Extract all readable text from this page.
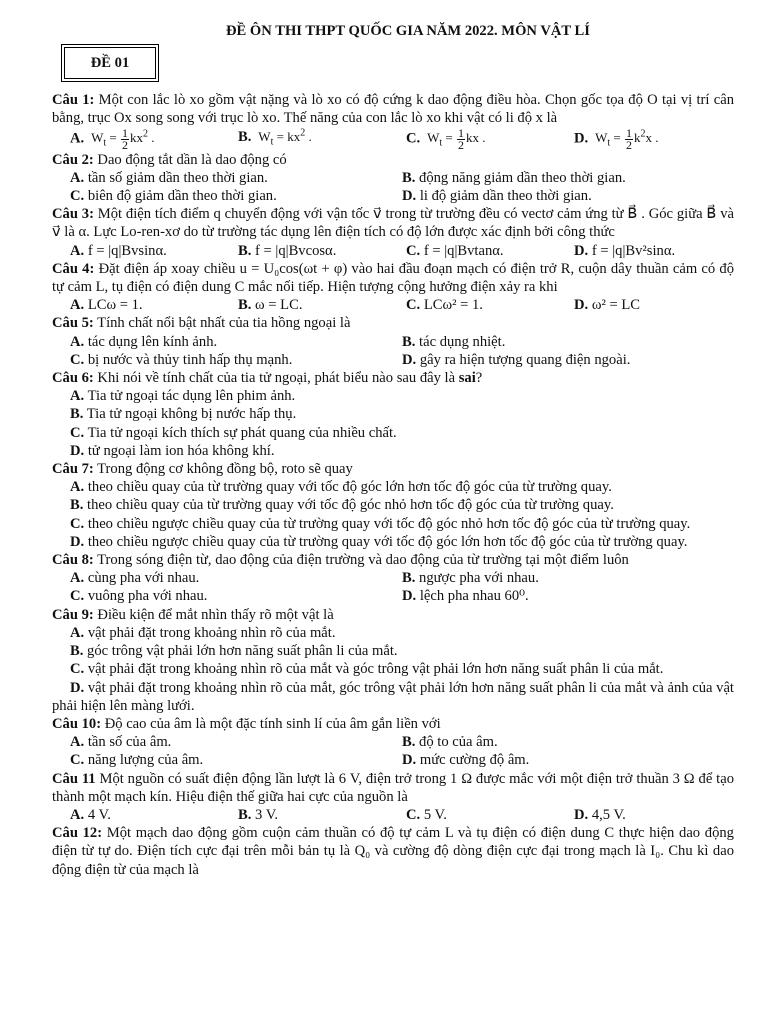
ĐỀ ÔN THI THPT QUỐC GIA NĂM 2022. MÔN VẬT LÍ
ĐỀ 01
Câu 1: Một con lắc lò xo gồm vật nặng và lò xo có độ cứng k dao động điều hòa. Chọn gốc tọa độ O tại vị trí cân bằng, trục Ox song song với trục lò xo. Thế năng của con lắc lò xo khi vật có li độ x là
A. $W_t = \frac{1}{2} kx^2$ .	B. $W_t = kx^2$ .	C. $W_t = \frac{1}{2}$ kx .	D. $W_t = \frac{1}{2} k^2x$ .
Câu 2: Dao động tắt dần là dao động có
A. tần số giảm dần theo thời gian.	B. động năng giảm dần theo thời gian.
C. biên độ giảm dần theo thời gian.	D. li độ giảm dần theo thời gian.
Câu 3: Một điện tích điểm q chuyển động với vận tốc v⃗ trong từ trường đều có vectơ cảm ứng từ B⃗ . Góc giữa B⃗ và v⃗ là α. Lực Lo-ren-xơ do từ trường tác dụng lên điện tích có độ lớn được xác định bởi công thức
A. f = |q|Bvsinα.	B. f = |q|Bvcosα.	C. f = |q|Bvtanα.	D. f = |q|Bv²sinα.
Câu 4: Đặt điện áp xoay chiều u = U₀cos(ωt + φ) vào hai đầu đoạn mạch có điện trở R, cuộn dây thuần cảm có độ tự cảm L, tụ điện có điện dung C mắc nối tiếp. Hiện tượng cộng hưởng điện xảy ra khi
A. LCω = 1.	B. ω = LC.	C. LCω² = 1.	D. ω² = LC
Câu 5: Tính chất nổi bật nhất của tia hồng ngoại là
A. tác dụng lên kính ảnh.	B. tác dụng nhiệt.
C. bị nước và thủy tinh hấp thụ mạnh.	D. gây ra hiện tượng quang điện ngoài.
Câu 6: Khi nói về tính chất của tia tử ngoại, phát biểu nào sau đây là sai?
A. Tia tử ngoại tác dụng lên phim ảnh.
B. Tia tử ngoại không bị nước hấp thụ.
C. Tia tử ngoại kích thích sự phát quang của nhiều chất.
D. tử ngoại làm ion hóa không khí.
Câu 7: Trong động cơ không đồng bộ, roto sẽ quay
A. theo chiều quay của từ trường quay với tốc độ góc lớn hơn tốc độ góc của từ trường quay.
B. theo chiều quay của từ trường quay với tốc độ góc nhỏ hơn tốc độ góc của từ trường quay.
C. theo chiều ngược chiều quay của từ trường quay với tốc độ góc nhỏ hơn tốc độ góc của từ trường quay.
D. theo chiều ngược chiều quay của từ trường quay với tốc độ góc lớn hơn tốc độ góc của từ trường quay.
Câu 8: Trong sóng điện từ, dao động của điện trường và dao động của từ trường tại một điểm luôn
A. cùng pha với nhau.	B. ngược pha với nhau.
C. vuông pha với nhau.	D. lệch pha nhau 60⁰.
Câu 9: Điều kiện để mắt nhìn thấy rõ một vật là
A. vật phải đặt trong khoảng nhìn rõ của mắt.
B. góc trông vật phải lớn hơn năng suất phân li của mắt.
C. vật phải đặt trong khoảng nhìn rõ của mắt và góc trông vật phải lớn hơn năng suất phân li của mắt.
D. vật phải đặt trong khoảng nhìn rõ của mắt, góc trông vật phải lớn hơn năng suất phân li của mắt và ảnh của vật phải hiện lên màng lưới.
Câu 10: Độ cao của âm là một đặc tính sinh lí của âm gắn liền với
A. tần số của âm.	B. độ to của âm.
C. năng lượng của âm.	D. mức cường độ âm.
Câu 11 Một nguồn có suất điện động lần lượt là 6 V, điện trở trong 1 Ω được mắc với một điện trở thuần 3 Ω để tạo thành một mạch kín. Hiệu điện thế giữa hai cực của nguồn là
A. 4 V.	B. 3 V.	C. 5 V.	D. 4,5 V.
Câu 12: Một mạch dao động gồm cuộn cảm thuần có độ tự cảm L và tụ điện có điện dung C thực hiện dao động điện từ tự do. Điện tích cực đại trên mỗi bản tụ là Q₀ và cường độ dòng điện cực đại trong mạch là I₀. Chu kì dao động điện từ của mạch là
